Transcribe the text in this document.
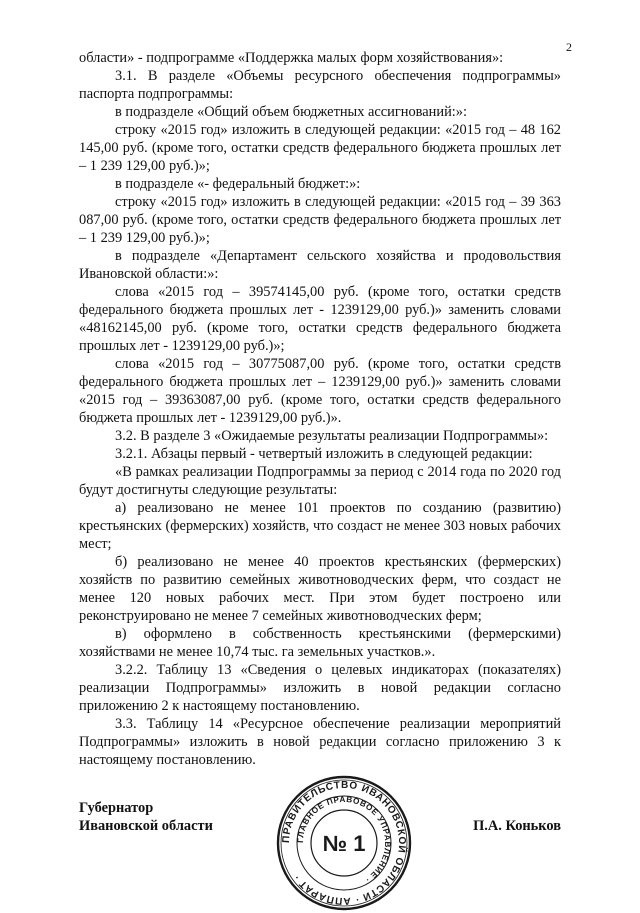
2

области» - подпрограмме «Поддержка малых форм хозяйствования»:

3.1. В разделе «Объемы ресурсного обеспечения подпрограммы» паспорта подпрограммы:

в подразделе «Общий объем бюджетных ассигнований:»:

строку «2015 год» изложить в следующей редакции: «2015 год – 48 162 145,00 руб. (кроме того, остатки средств федерального бюджета прошлых лет – 1 239 129,00 руб.)»;

в подразделе «- федеральный бюджет:»:

строку «2015 год» изложить в следующей редакции: «2015 год – 39 363 087,00 руб. (кроме того, остатки средств федерального бюджета прошлых лет – 1 239 129,00 руб.)»;

в подразделе «Департамент сельского хозяйства и продовольствия Ивановской области:»:

слова «2015 год – 39574145,00 руб. (кроме того, остатки средств федерального бюджета прошлых лет - 1239129,00 руб.)» заменить словами «48162145,00 руб. (кроме того, остатки средств федерального бюджета прошлых лет - 1239129,00 руб.)»;

слова «2015 год – 30775087,00 руб. (кроме того, остатки средств федерального бюджета прошлых лет – 1239129,00 руб.)» заменить словами «2015 год – 39363087,00 руб. (кроме того, остатки средств федерального бюджета прошлых лет - 1239129,00 руб.)».

3.2. В разделе 3 «Ожидаемые результаты реализации Подпрограммы»:

3.2.1. Абзацы первый - четвертый изложить в следующей редакции:

«В рамках реализации Подпрограммы за период с 2014 года по 2020 год будут достигнуты следующие результаты:

а) реализовано не менее 101 проектов по созданию (развитию) крестьянских (фермерских) хозяйств, что создаст не менее 303 новых рабочих мест;

б) реализовано не менее 40 проектов крестьянских (фермерских) хозяйств по развитию семейных животноводческих ферм, что создаст не менее 120 новых рабочих мест. При этом будет построено или реконструировано не менее 7 семейных животноводческих ферм;

в) оформлено в собственность крестьянскими (фермерскими) хозяйствами не менее 10,74 тыс. га земельных участков.».

3.2.2. Таблицу 13 «Сведения о целевых индикаторах (показателях) реализации Подпрограммы» изложить в новой редакции согласно приложению 2 к настоящему постановлению.

3.3. Таблицу 14 «Ресурсное обеспечение реализации мероприятий Подпрограммы» изложить в новой редакции согласно приложению 3 к настоящему постановлению.

Губернатор
Ивановской области
ПРАВИТЕЛЬСТВО ИВАНОВСКОЙ ОБЛАСТИ · АППАРАТ ·
ГЛАВНОЕ ПРАВОВОЕ УПРАВЛЕНИЕ ·
№ 1
П.А. Коньков
